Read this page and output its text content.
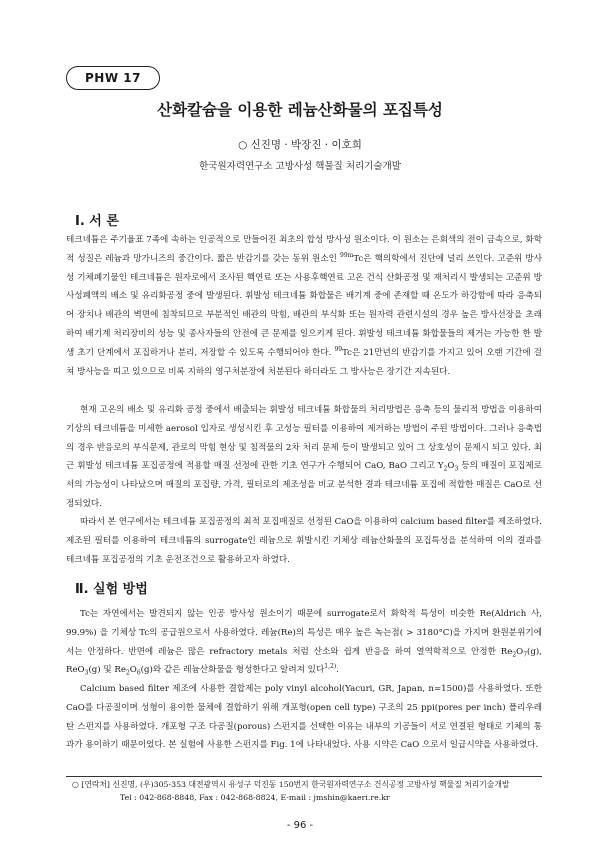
PHW 17
산화칼슘을 이용한 레늄산화물의 포집특성
○ 신진명 · 박장진 · 이호희
한국원자력연구소 고방사성 핵물질 처리기술개발
Ⅰ. 서 론

테크네튬은 주기율표 7족에 속하는 인공적으로 만들어진 최초의 합성 방사성 원소이다. 이 원소는 은회색의 전이 금속으로, 화학적 성질은 레늄과 망가니즈의 중간이다. 짧은 반감기를 갖는 동위 원소인 $^{99m}$Tc은 핵의학에서 진단에 널리 쓰인다. 고준위 방사성 기체폐기물인 테크네튬은 원자로에서 조사된 핵연료 또는 사용후핵연료 고온 건식 산화공정 및 재처리시 발생되는 고준위 방사성폐액의 배소 및 유리화공정 중에 발생된다. 휘발성 테크네튬 화합물은 배기계 중에 존재할 때 온도가 하강함에 따라 응축되어 장치나 배관의 벽면에 침착되므로 부분적인 배관의 막힘, 배관의 부식화 또는 원자력 관련시설의 경우 높은 방사선장을 초래하여 배기계 처리장비의 성능 및 종사자들의 안전에 큰 문제를 일으키게 된다. 휘발성 테크네튬 화합물들의 제거는 가능한 한 발생 초기 단계에서 포집하거나 분리, 저장할 수 있도록 수행되어야 한다. $^{99}$Tc은 21만년의 반감기를 가지고 있어 오랜 기간에 걸쳐 방사능을 띠고 있으므로 비록 지하의 영구처분장에 처분된다 하더라도 그 방사능은 장기간 지속된다.

현재 고온의 배소 및 유리화 공정 중에서 배출되는 휘발성 테크네튬 화합물의 처리방법은 응축 등의 물리적 방법을 이용하여 기상의 테크네튬을 미세한 aerosol 입자로 생성시킨 후 고성능 필터를 이용하여 제거하는 방법이 주된 방법이다. 그러나 응축법의 경우 반응로의 부식문제, 관로의 막힘 현상 및 침적물의 2차 처리 문제 등이 발생되고 있어 그 상호성이 문제시 되고 있다. 최근 휘발성 테크네튬 포집공정에 적용할 매질 선정에 관한 기초 연구가 수행되어 CaO, BaO 그리고 $Y_2O_3$ 등의 매질이 포집제로 서의 가능성이 나타났으며 매질의 포집량, 가격, 필터로의 제조성을 비교 분석한 결과 테크네튬 포집에 적합한 매질은 CaO로 선정되었다.

따라서 본 연구에서는 테크네튬 포집공정의 최적 포집매질로 선정된 CaO을 이용하여 calcium based filter를 제조하였다. 제조된 필터를 이용하여 테크네튬의 surrogate인 레늄으로 휘발시킨 기체상 레늄산화물의 포집특성을 분석하여 이의 결과를 테크네튬 포집공정의 기초 운전조건으로 활용하고자 하였다.

Ⅱ. 실험 방법

Tc는 자연에서는 발견되지 않는 인공 방사성 원소이기 때문에 surrogate로서 화학적 특성이 비슷한 Re(Aldrich 사, 99.9%) 을 기체상 Tc의 공급원으로서 사용하였다. 레늄(Re)의 특성은 매우 높은 녹는점( > 3180°C)을 가지며 환원분위기에서는 안정하다. 반면에 레늄은 많은 refractory metals 처럼 산소와 쉽게 반응을 하여 열역학적으로 안정한 $Re_2O_7(g)$, ReO$_3$(g) 및 $Re_2O_6(g)$와 같은 레늄산화물을 형성한다고 알려져 있다$^{1,2)}$.

Calcium based filter 제조에 사용한 결합제는 poly vinyl alcohol(Yacuri, GR, Japan, n=1500)를 사용하였다. 또한 CaO를 다공질이며 성형이 용이한 물체에 결합하기 위해 개포형(open cell type) 구조의 25 ppi(pores per inch) 폴리우레탄 스펀지를 사용하였다. 개포형 구조 다공질(porous) 스펀지를 선택한 이유는 내부의 기공들이 서로 연결된 형태로 기체의 통과가 용이하기 때문이었다. 본 실험에 사용한 스펀지를 Fig. 1에 나타내었다. 사용 시약은 CaO 으로서 일급시약을 사용하였다.

○ [연락처] 신진명, (우)305-353 대전광역시 유성구 덕진동 150번지 한국원자력연구소 건식공정 고방사성 핵물질 처리기술개발
Tel : 042-868-8848, Fax : 042-868-8824, E-mail : jmshin@kaeri.re.kr
- 96 -
